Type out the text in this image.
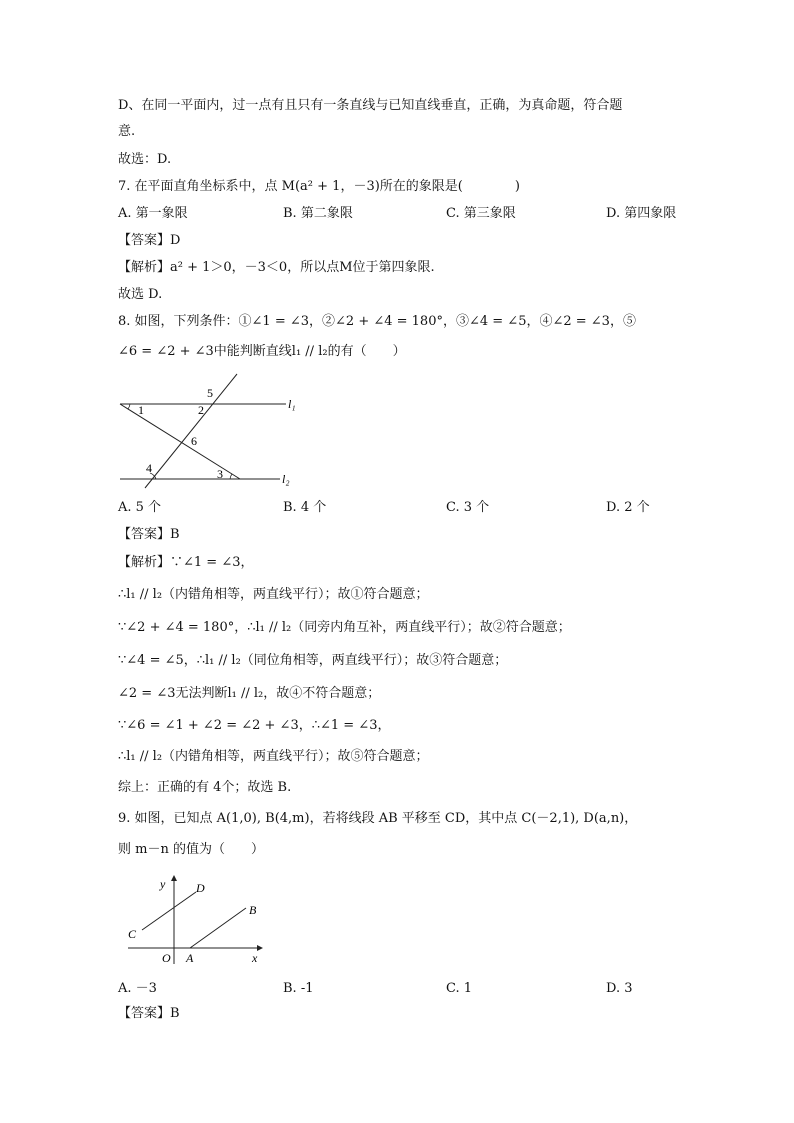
D、在同一平面内，过一点有且只有一条直线与已知直线垂直，正确，为真命题，符合题
意.
故选：D.
7. 在平面直角坐标系中，点 M(a² + 1，－3)所在的象限是(　　　　)
A. 第一象限	B. 第二象限	C. 第三象限	D. 第四象限
【答案】D
【解析】a² + 1＞0，－3＜0，所以点M位于第四象限.
故选 D.
8. 如图，下列条件：①∠1 = ∠3，②∠2 + ∠4 = 180°，③∠4 = ∠5，④∠2 = ∠3，⑤
∠6 = ∠2 + ∠3中能判断直线l₁ // l₂的有（　　）
5
2
1
6
4	3
l₁
l₂
A. 5 个	B. 4 个	C. 3 个	D. 2 个
【答案】B
【解析】∵∠1 = ∠3，
∴l₁ // l₂（内错角相等，两直线平行）；故①符合题意；
∵∠2 + ∠4 = 180°，∴l₁ // l₂（同旁内角互补，两直线平行）；故②符合题意；
∵∠4 = ∠5，∴l₁ // l₂（同位角相等，两直线平行）；故③符合题意；
∠2 = ∠3无法判断l₁ // l₂，故④不符合题意；
∵∠6 = ∠1 + ∠2 = ∠2 + ∠3，∴∠1 = ∠3，
∴l₁ // l₂（内错角相等，两直线平行）；故⑤符合题意；
综上：正确的有 4个；故选 B.
9. 如图，已知点 A(1,0), B(4,m)，若将线段 AB 平移至 CD，其中点 C(－2,1), D(a,n)，
则 m－n 的值为（　　）
y	D
B
C
O A	x
A. －3	B. -1	C. 1	D. 3
【答案】B
